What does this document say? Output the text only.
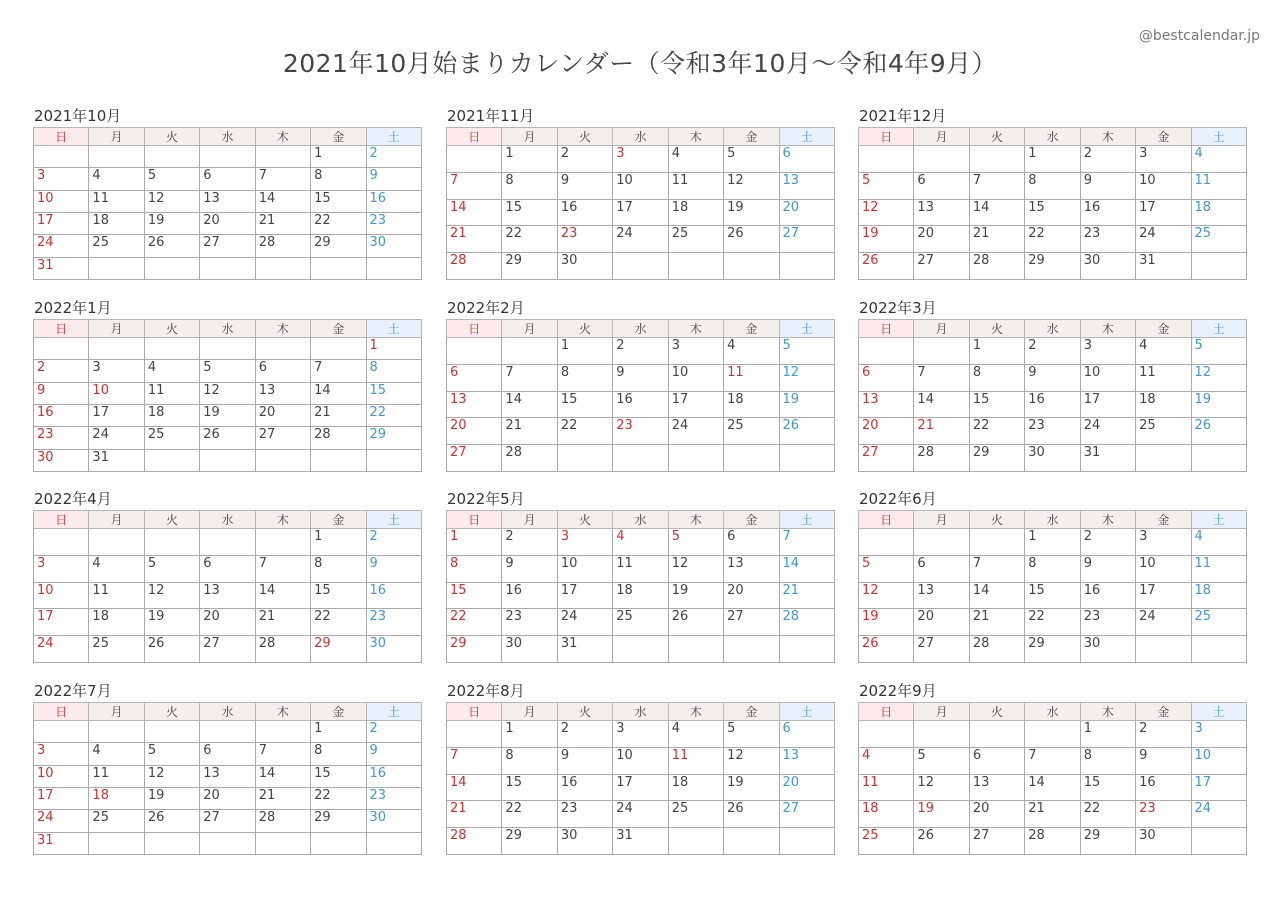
2021年10月始まりカレンダー（令和3年10月〜令和4年9月）
@bestcalendar.jp
2021年10月
日	月	火	水	木	金	土
					1	2
3	4	5	6	7	8	9
10	11	12	13	14	15	16
17	18	19	20	21	22	23
24	25	26	27	28	29	30
31						
2021年11月
日	月	火	水	木	金	土
	1	2	3	4	5	6
7	8	9	10	11	12	13
14	15	16	17	18	19	20
21	22	23	24	25	26	27
28	29	30				
2021年12月
日	月	火	水	木	金	土
			1	2	3	4
5	6	7	8	9	10	11
12	13	14	15	16	17	18
19	20	21	22	23	24	25
26	27	28	29	30	31	
2022年1月
日	月	火	水	木	金	土
						1
2	3	4	5	6	7	8
9	10	11	12	13	14	15
16	17	18	19	20	21	22
23	24	25	26	27	28	29
30	31					
2022年2月
日	月	火	水	木	金	土
		1	2	3	4	5
6	7	8	9	10	11	12
13	14	15	16	17	18	19
20	21	22	23	24	25	26
27	28					
2022年3月
日	月	火	水	木	金	土
		1	2	3	4	5
6	7	8	9	10	11	12
13	14	15	16	17	18	19
20	21	22	23	24	25	26
27	28	29	30	31		
2022年4月
日	月	火	水	木	金	土
					1	2
3	4	5	6	7	8	9
10	11	12	13	14	15	16
17	18	19	20	21	22	23
24	25	26	27	28	29	30
2022年5月
日	月	火	水	木	金	土
1	2	3	4	5	6	7
8	9	10	11	12	13	14
15	16	17	18	19	20	21
22	23	24	25	26	27	28
29	30	31				
2022年6月
日	月	火	水	木	金	土
			1	2	3	4
5	6	7	8	9	10	11
12	13	14	15	16	17	18
19	20	21	22	23	24	25
26	27	28	29	30		
2022年7月
日	月	火	水	木	金	土
					1	2
3	4	5	6	7	8	9
10	11	12	13	14	15	16
17	18	19	20	21	22	23
24	25	26	27	28	29	30
31						
2022年8月
日	月	火	水	木	金	土
	1	2	3	4	5	6
7	8	9	10	11	12	13
14	15	16	17	18	19	20
21	22	23	24	25	26	27
28	29	30	31			
2022年9月
日	月	火	水	木	金	土
				1	2	3
4	5	6	7	8	9	10
11	12	13	14	15	16	17
18	19	20	21	22	23	24
25	26	27	28	29	30	
